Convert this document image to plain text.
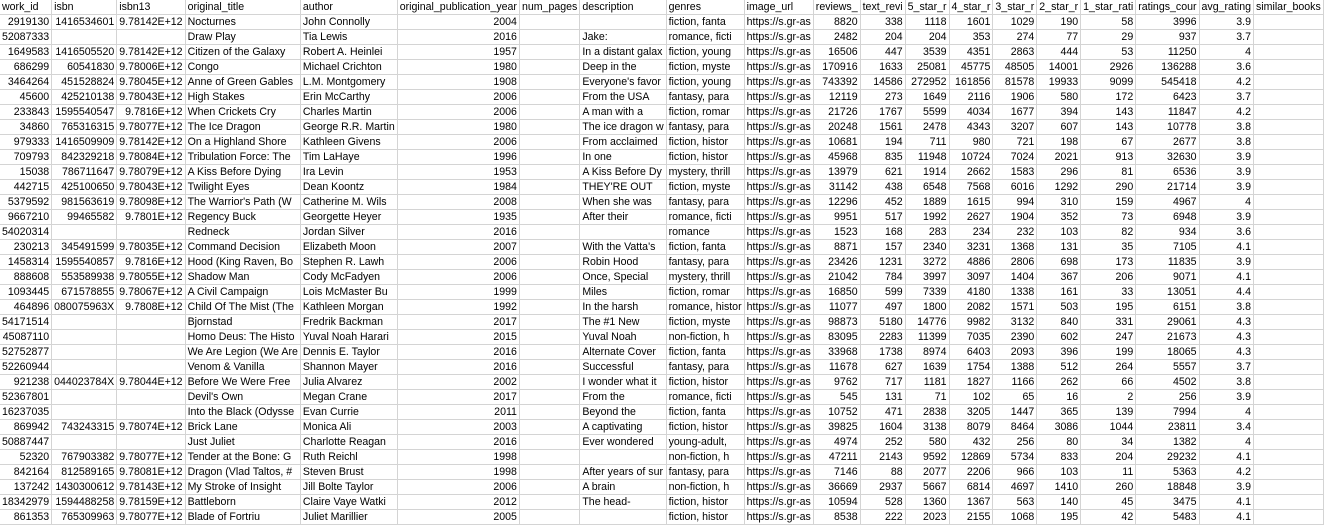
work_id	isbn	isbn13	original_title	author	original_publication_year	num_pages	description	genres	image_url	reviews_	text_revi	5_star_r	4_star_r	3_star_r	2_star_r	1_star_rati	ratings_cour	avg_rating	similar_books
2919130	1416534601	9.78142E+12	Nocturnes	John Connolly	2004			fiction, fanta	https://s.gr-as	8820	338	1118	1601	1029	190	58	3996	3.9	
52087333			Draw Play	Tia Lewis	2016		Jake:	romance, ficti	https://s.gr-as	2482	204	204	353	274	77	29	937	3.7	
1649583	1416505520	9.78142E+12	Citizen of the Galaxy	Robert A. Heinlei	1957		In a distant galax	fiction, young	https://s.gr-as	16506	447	3539	4351	2863	444	53	11250	4	
686299	60541830	9.78006E+12	Congo	Michael Crichton	1980		Deep in the	fiction, myste	https://s.gr-as	170916	1633	25081	45775	48505	14001	2926	136288	3.6	
3464264	451528824	9.78045E+12	Anne of Green Gables	L.M. Montgomery	1908		Everyone's favor	fiction, young	https://s.gr-as	743392	14586	272952	161856	81578	19933	9099	545418	4.2	
45600	425210138	9.78043E+12	High Stakes	Erin McCarthy	2006		From the USA	fantasy, para	https://s.gr-as	12119	273	1649	2116	1906	580	172	6423	3.7	
233843	1595540547	9.7816E+12	When Crickets Cry	Charles Martin	2006		A man with a	fiction, romar	https://s.gr-as	21726	1767	5599	4034	1677	394	143	11847	4.2	
34860	765316315	9.78077E+12	The Ice Dragon	George R.R. Martin	1980		The ice dragon w	fantasy, para	https://s.gr-as	20248	1561	2478	4343	3207	607	143	10778	3.8	
979333	1416509909	9.78142E+12	On a Highland Shore	Kathleen Givens	2006		From acclaimed	fiction, histor	https://s.gr-as	10681	194	711	980	721	198	67	2677	3.8	
709793	842329218	9.78084E+12	Tribulation Force: The	Tim LaHaye	1996		In one	fiction, histor	https://s.gr-as	45968	835	11948	10724	7024	2021	913	32630	3.9	
15038	786711647	9.78079E+12	A Kiss Before Dying	Ira Levin	1953		A Kiss Before Dy	mystery, thrill	https://s.gr-as	13979	621	1914	2662	1583	296	81	6536	3.9	
442715	425100650	9.78043E+12	Twilight Eyes	Dean Koontz	1984		THEY'RE OUT	fiction, myste	https://s.gr-as	31142	438	6548	7568	6016	1292	290	21714	3.9	
5379592	981563619	9.78098E+12	The Warrior's Path (W	Catherine M. Wils	2008		When she was	fantasy, para	https://s.gr-as	12296	452	1889	1615	994	310	159	4967	4	
9667210	99465582	9.7801E+12	Regency Buck	Georgette Heyer	1935		After their	romance, ficti	https://s.gr-as	9951	517	1992	2627	1904	352	73	6948	3.9	
54020314			Redneck	Jordan Silver	2016			romance	https://s.gr-as	1523	168	283	234	232	103	82	934	3.6	
230213	345491599	9.78035E+12	Command Decision	Elizabeth Moon	2007		With the Vatta's	fiction, fanta	https://s.gr-as	8871	157	2340	3231	1368	131	35	7105	4.1	
1458314	1595540857	9.7816E+12	Hood (King Raven, Bo	Stephen R. Lawh	2006		Robin Hood	fantasy, para	https://s.gr-as	23426	1231	3272	4886	2806	698	173	11835	3.9	
888608	553589938	9.78055E+12	Shadow Man	Cody McFadyen	2006		Once, Special	mystery, thrill	https://s.gr-as	21042	784	3997	3097	1404	367	206	9071	4.1	
1093445	671578855	9.78067E+12	A Civil Campaign	Lois McMaster Bu	1999		Miles	fiction, romar	https://s.gr-as	16850	599	7339	4180	1338	161	33	13051	4.4	
464896	080075963X	9.7808E+12	Child Of The Mist (The	Kathleen Morgan	1992		In the harsh	romance, histor	https://s.gr-as	11077	497	1800	2082	1571	503	195	6151	3.8	
54171514			Bjornstad	Fredrik Backman	2017		The #1 New	fiction, myste	https://s.gr-as	98873	5180	14776	9982	3132	840	331	29061	4.3	
45087110			Homo Deus: The Histo	Yuval Noah Harari	2015		Yuval Noah	non-fiction, h	https://s.gr-as	83095	2283	11399	7035	2390	602	247	21673	4.3	
52752877			We Are Legion (We Are	Dennis E. Taylor	2016		Alternate Cover	fiction, fanta	https://s.gr-as	33968	1738	8974	6403	2093	396	199	18065	4.3	
52260944			Venom & Vanilla	Shannon Mayer	2016		Successful	fantasy, para	https://s.gr-as	11678	627	1639	1754	1388	512	264	5557	3.7	
921238	044023784X	9.78044E+12	Before We Were Free	Julia Alvarez	2002		I wonder what it	fiction, histor	https://s.gr-as	9762	717	1181	1827	1166	262	66	4502	3.8	
52367801			Devil's Own	Megan Crane	2017		From the	romance, ficti	https://s.gr-as	545	131	71	102	65	16	2	256	3.9	
16237035			Into the Black (Odysse	Evan Currie	2011		Beyond the	fiction, fanta	https://s.gr-as	10752	471	2838	3205	1447	365	139	7994	4	
869942	743243315	9.78074E+12	Brick Lane	Monica Ali	2003		A captivating	fiction, histor	https://s.gr-as	39825	1604	3138	8079	8464	3086	1044	23811	3.4	
50887447			Just Juliet	Charlotte Reagan	2016		Ever wondered	young-adult,	https://s.gr-as	4974	252	580	432	256	80	34	1382	4	
52320	767903382	9.78077E+12	Tender at the Bone: G	Ruth Reichl	1998			non-fiction, h	https://s.gr-as	47211	2143	9592	12869	5734	833	204	29232	4.1	
842164	812589165	9.78081E+12	Dragon (Vlad Taltos, #	Steven Brust	1998		After years of sur	fantasy, para	https://s.gr-as	7146	88	2077	2206	966	103	11	5363	4.2	
137242	1430300612	9.78143E+12	My Stroke of Insight	Jill Bolte Taylor	2006		A brain	non-fiction, h	https://s.gr-as	36669	2937	5667	6814	4697	1410	260	18848	3.9	
18342979	1594488258	9.78159E+12	Battleborn	Claire Vaye Watki	2012		The head-	fiction, histor	https://s.gr-as	10594	528	1360	1367	563	140	45	3475	4.1	
861353	765309963	9.78077E+12	Blade of Fortriu	Juliet Marillier	2005			fiction, histor	https://s.gr-as	8538	222	2023	2155	1068	195	42	5483	4.1	
